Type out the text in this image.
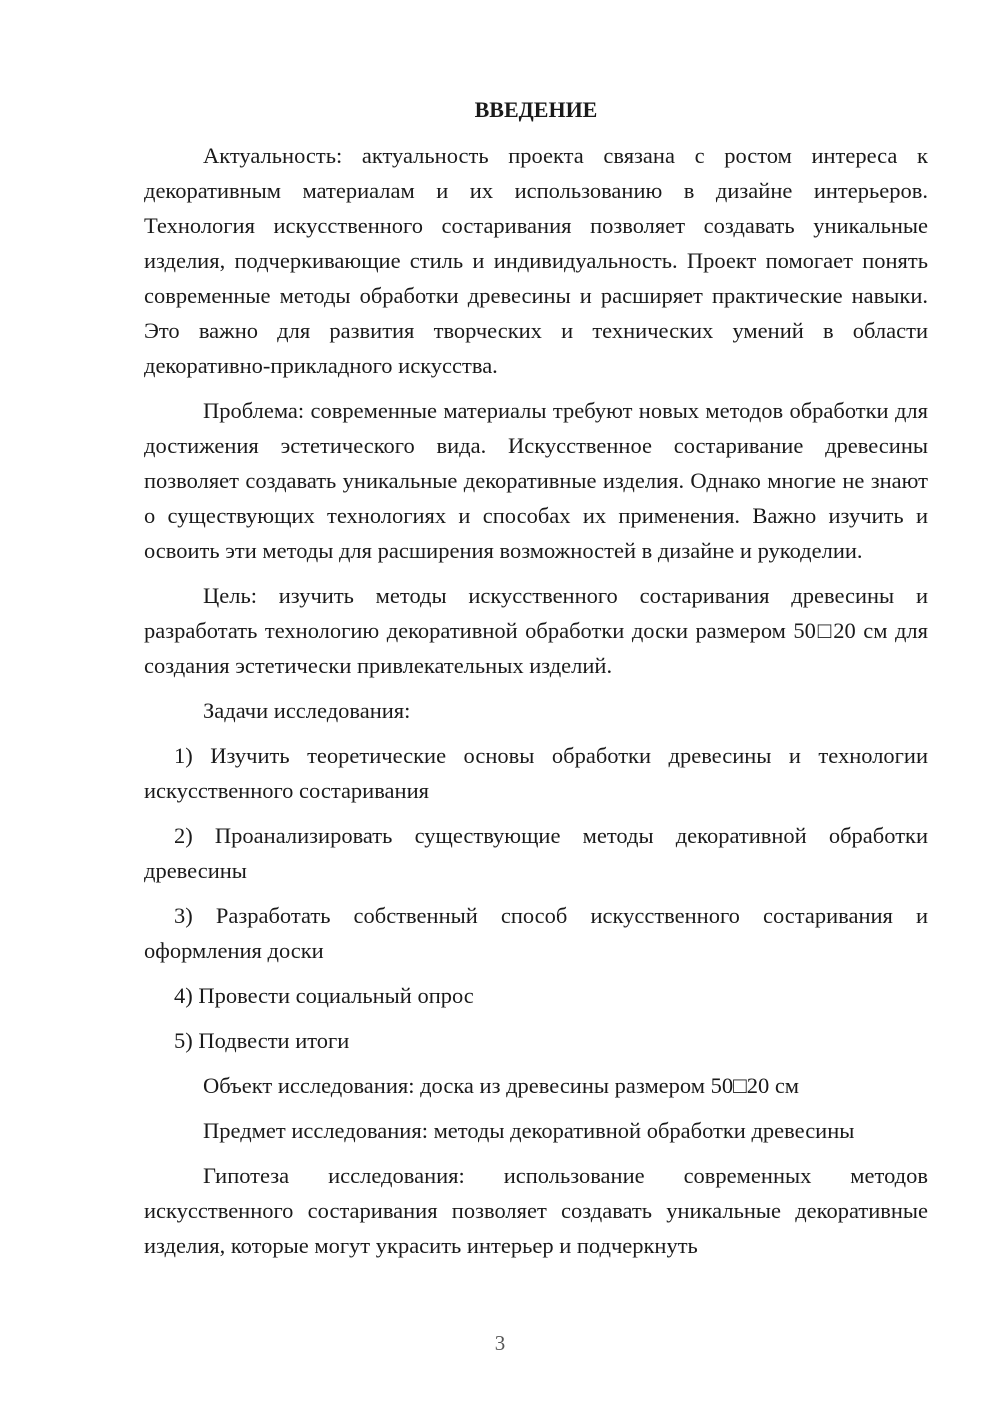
ВВЕДЕНИЕ

Актуальность: актуальность проекта связана с ростом интереса к декоративным материалам и их использованию в дизайне интерьеров. Технология искусственного состаривания позволяет создавать уникальные изделия, подчеркивающие стиль и индивидуальность. Проект помогает понять современные методы обработки древесины и расширяет практические навыки. Это важно для развития творческих и технических умений в области декоративно-прикладного искусства.

Проблема: современные материалы требуют новых методов обработки для достижения эстетического вида. Искусственное состаривание древесины позволяет создавать уникальные декоративные изделия. Однако многие не знают о существующих технологиях и способах их применения. Важно изучить и освоить эти методы для расширения возможностей в дизайне и рукоделии.

Цель: изучить методы искусственного состаривания древесины и разработать технологию декоративной обработки доски размером 50□20 см для создания эстетически привлекательных изделий.

Задачи исследования:

1) Изучить теоретические основы обработки древесины и технологии искусственного состаривания

2) Проанализировать существующие методы декоративной обработки древесины

3) Разработать собственный способ искусственного состаривания и оформления доски

4) Провести социальный опрос

5) Подвести итоги

Объект исследования: доска из древесины размером 50□20 см

Предмет исследования: методы декоративной обработки древесины

Гипотеза исследования: использование современных методов искусственного состаривания позволяет создавать уникальные декоративные изделия, которые могут украсить интерьер и подчеркнуть

3
